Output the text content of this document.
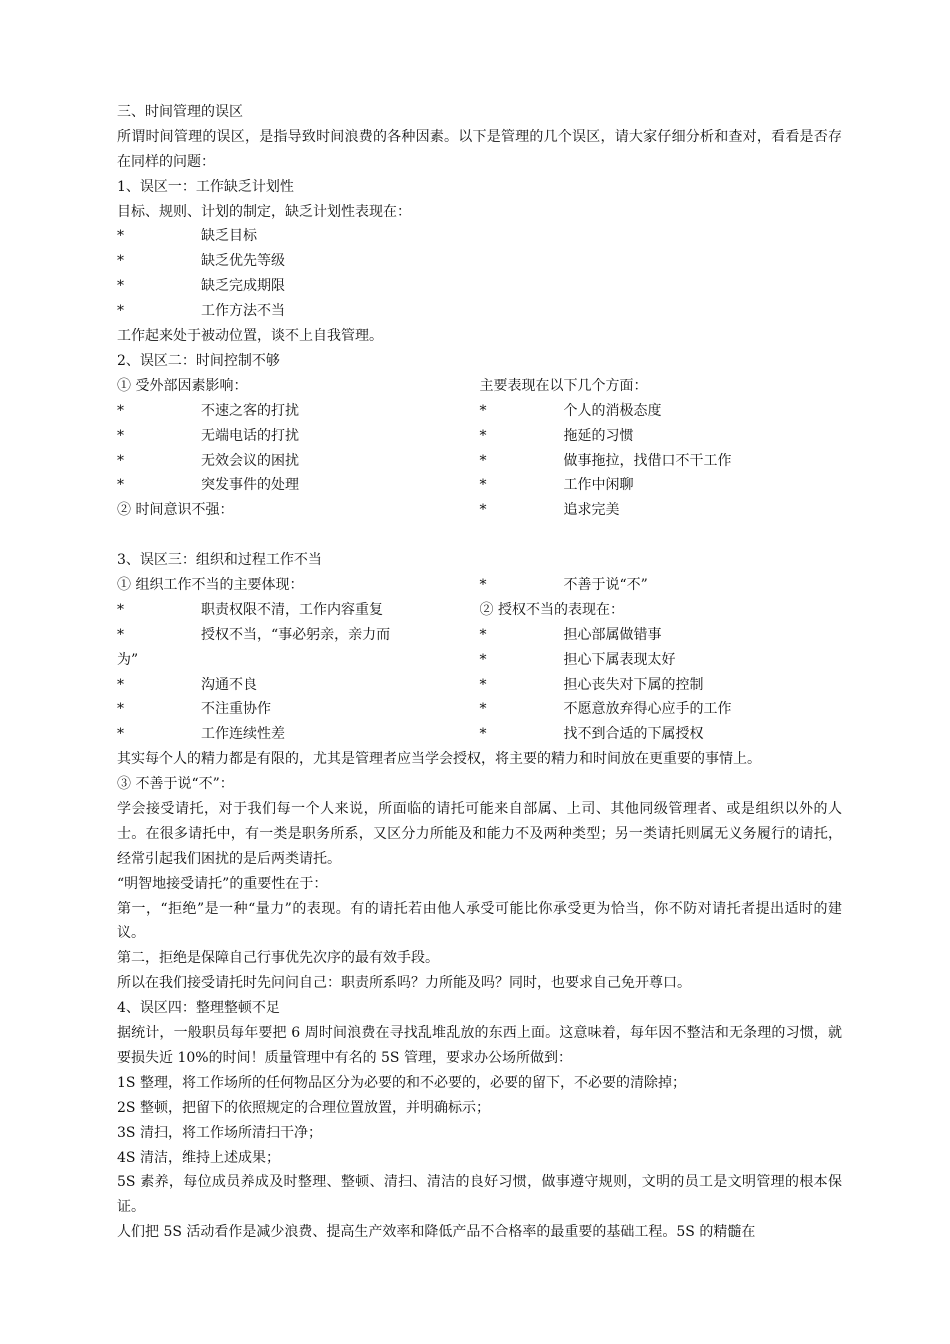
三、时间管理的误区
所谓时间管理的误区，是指导致时间浪费的各种因素。以下是管理的几个误区，请大家仔细分析和查对，看看是否存在同样的问题：
1、误区一：工作缺乏计划性
目标、规则、计划的制定，缺乏计划性表现在：
*	缺乏目标
*	缺乏优先等级
*	缺乏完成期限
*	工作方法不当
工作起来处于被动位置，谈不上自我管理。
2、误区二：时间控制不够
① 受外部因素影响：	主要表现在以下几个方面：
*	不速之客的打扰	*	个人的消极态度
*	无端电话的打扰	*	拖延的习惯
*	无效会议的困扰	*	做事拖拉，找借口不干工作
*	突发事件的处理	*	工作中闲聊
② 时间意识不强：	*	追求完美
3、误区三：组织和过程工作不当
① 组织工作不当的主要体现：	*	不善于说“不”
*	职责权限不清，工作内容重复	② 授权不当的表现在：
*	授权不当，“事必躬亲，亲力而	*	担心部属做错事
为”	*	担心下属表现太好
*	沟通不良	*	担心丧失对下属的控制
*	不注重协作	*	不愿意放弃得心应手的工作
*	工作连续性差	*	找不到合适的下属授权
其实每个人的精力都是有限的，尤其是管理者应当学会授权，将主要的精力和时间放在更重要的事情上。
③ 不善于说“不”：
学会接受请托，对于我们每一个人来说，所面临的请托可能来自部属、上司、其他同级管理者、或是组织以外的人士。在很多请托中，有一类是职务所系，又区分力所能及和能力不及两种类型；另一类请托则属无义务履行的请托，经常引起我们困扰的是后两类请托。
“明智地接受请托”的重要性在于：
第一，“拒绝”是一种“量力”的表现。有的请托若由他人承受可能比你承受更为恰当，你不防对请托者提出适时的建议。
第二，拒绝是保障自己行事优先次序的最有效手段。
所以在我们接受请托时先问问自己：职责所系吗？力所能及吗？同时，也要求自己免开尊口。
4、误区四：整理整顿不足
据统计，一般职员每年要把 6 周时间浪费在寻找乱堆乱放的东西上面。这意味着，每年因不整洁和无条理的习惯，就要损失近 10%的时间！质量管理中有名的 5S 管理，要求办公场所做到：
1S 整理，将工作场所的任何物品区分为必要的和不必要的，必要的留下，不必要的清除掉；
2S 整顿，把留下的依照规定的合理位置放置，并明确标示；
3S 清扫，将工作场所清扫干净；
4S 清洁，维持上述成果；
5S 素养，每位成员养成及时整理、整顿、清扫、清洁的良好习惯，做事遵守规则，文明的员工是文明管理的根本保证。
人们把 5S 活动看作是减少浪费、提高生产效率和降低产品不合格率的最重要的基础工程。5S 的精髓在
